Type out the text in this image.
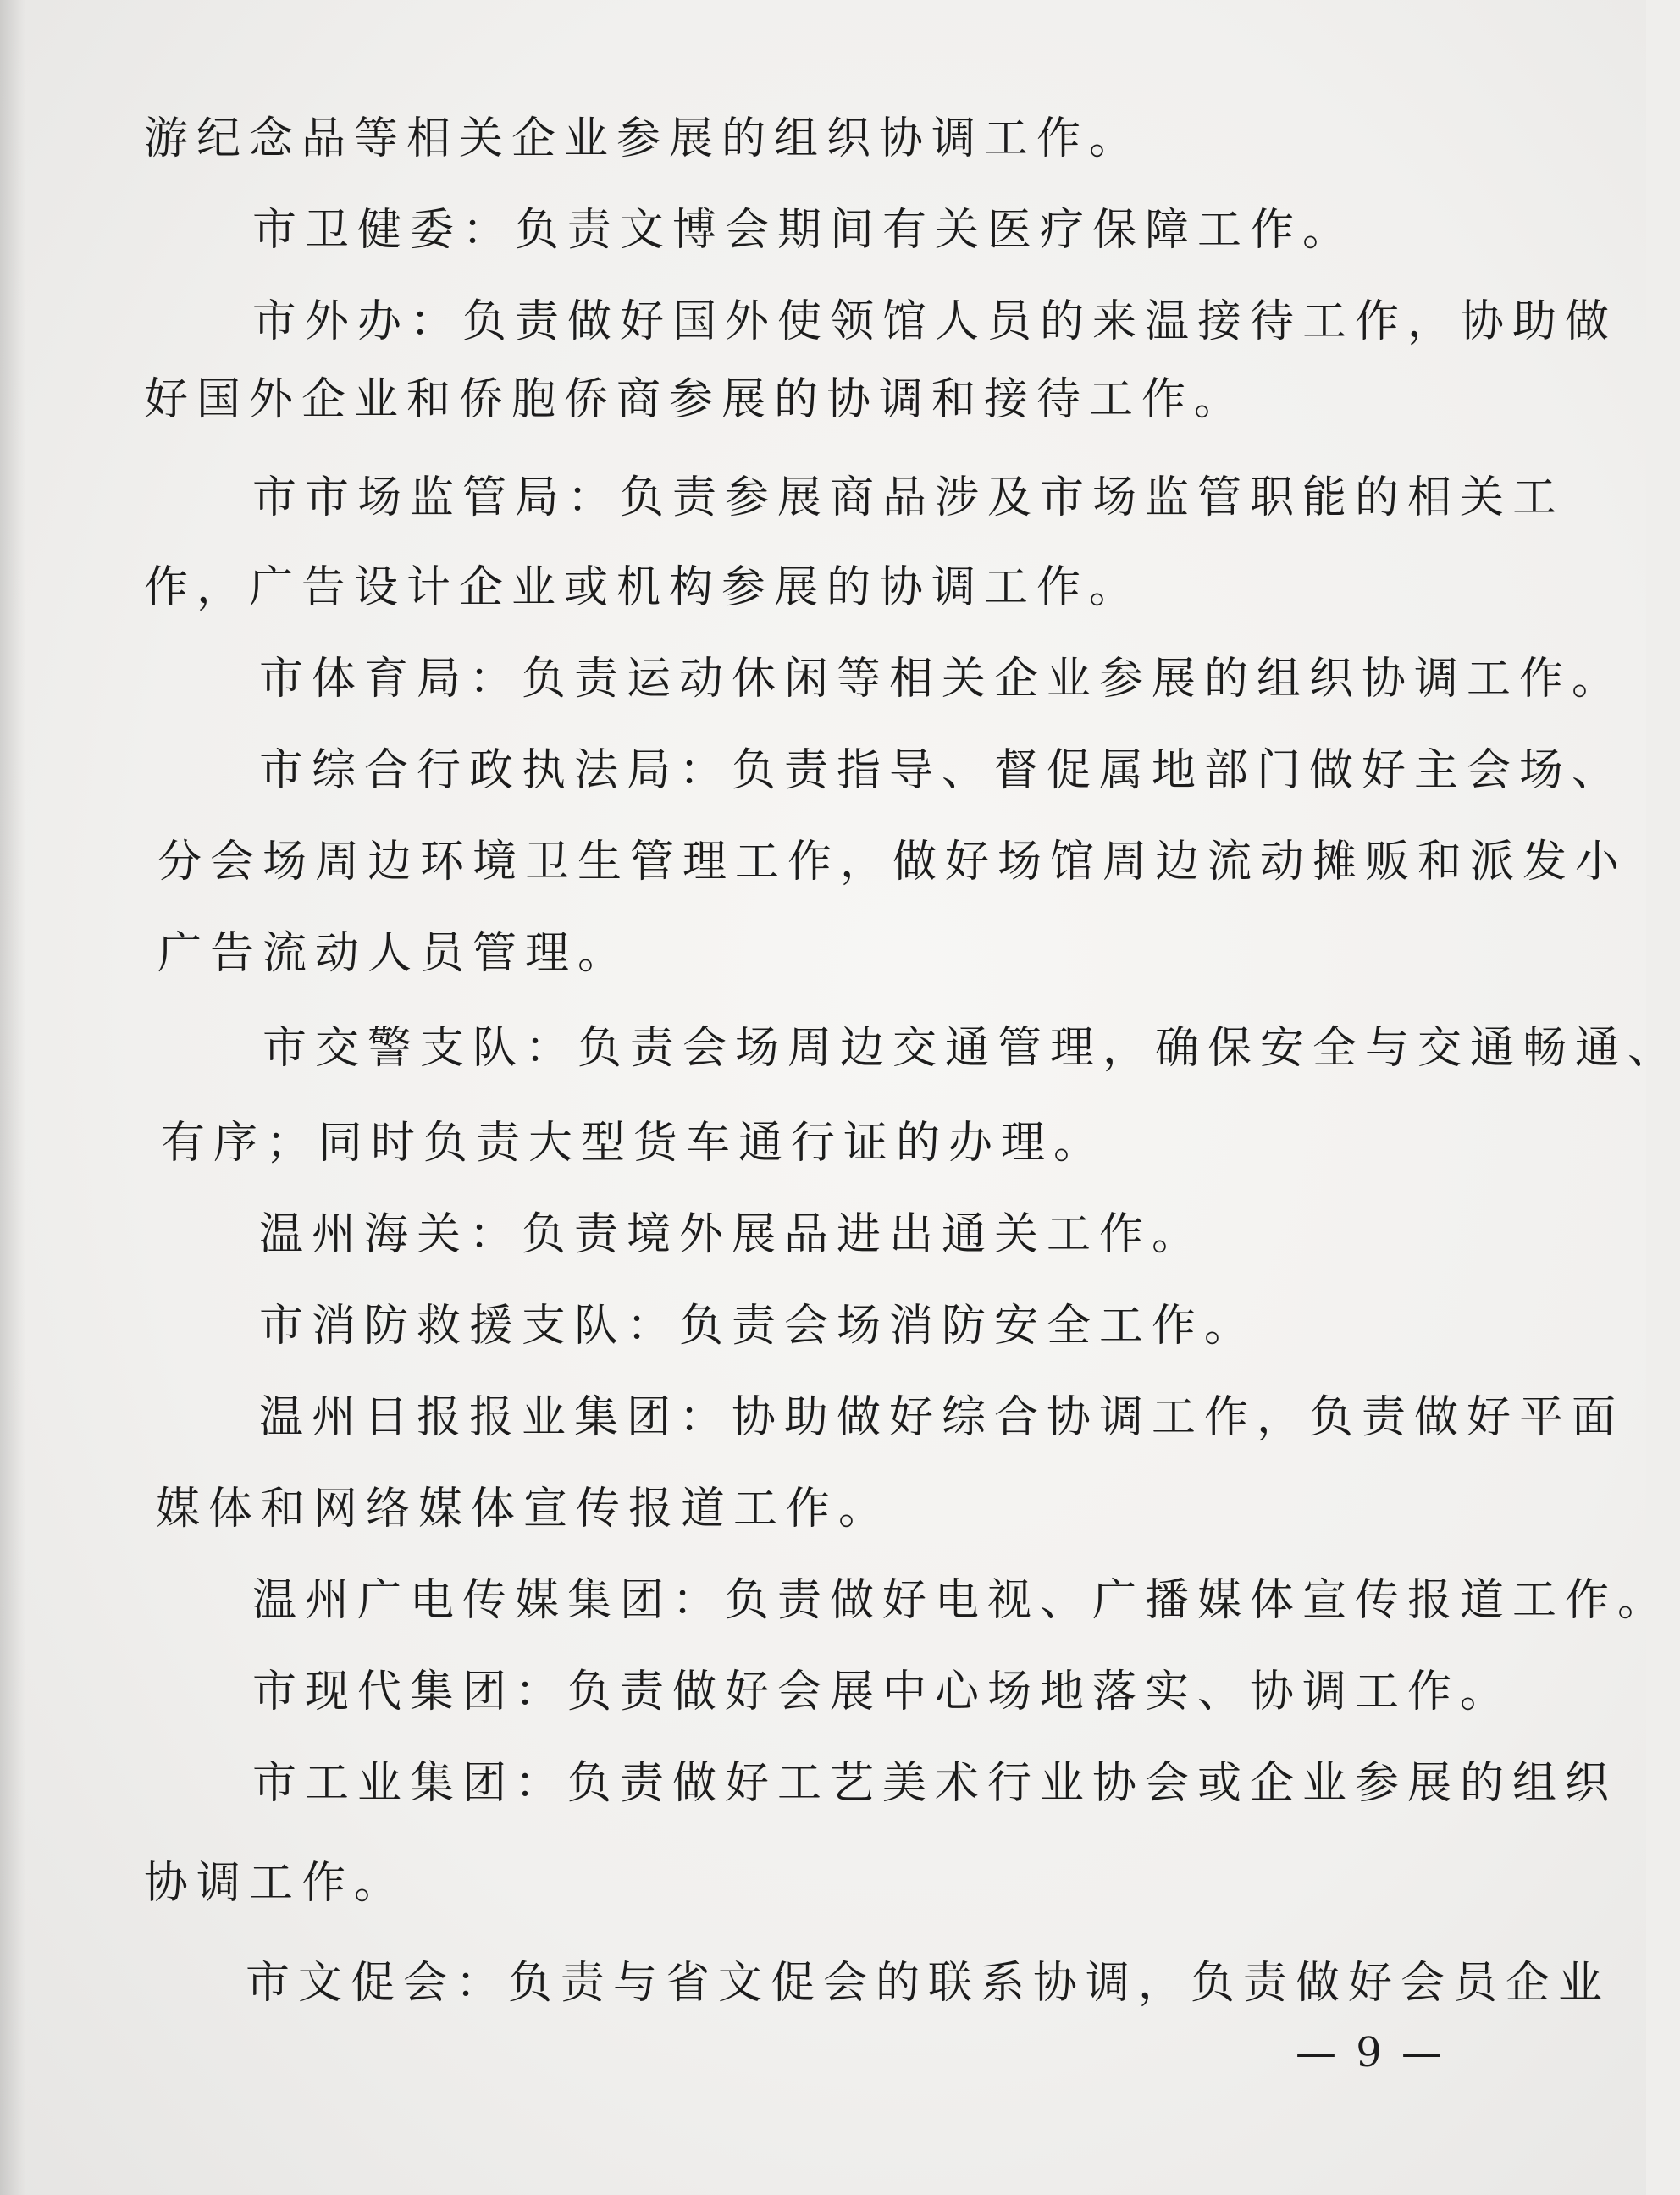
游纪念品等相关企业参展的组织协调工作。
市卫健委：负责文博会期间有关医疗保障工作。
市外办：负责做好国外使领馆人员的来温接待工作，协助做
好国外企业和侨胞侨商参展的协调和接待工作。
市市场监管局：负责参展商品涉及市场监管职能的相关工
作，广告设计企业或机构参展的协调工作。
市体育局：负责运动休闲等相关企业参展的组织协调工作。
市综合行政执法局：负责指导、督促属地部门做好主会场、
分会场周边环境卫生管理工作，做好场馆周边流动摊贩和派发小
广告流动人员管理。
市交警支队：负责会场周边交通管理，确保安全与交通畅通、
有序；同时负责大型货车通行证的办理。
温州海关：负责境外展品进出通关工作。
市消防救援支队：负责会场消防安全工作。
温州日报报业集团：协助做好综合协调工作，负责做好平面
媒体和网络媒体宣传报道工作。
温州广电传媒集团：负责做好电视、广播媒体宣传报道工作。
市现代集团：负责做好会展中心场地落实、协调工作。
市工业集团：负责做好工艺美术行业协会或企业参展的组织
协调工作。
市文促会：负责与省文促会的联系协调，负责做好会员企业
— 9 —
